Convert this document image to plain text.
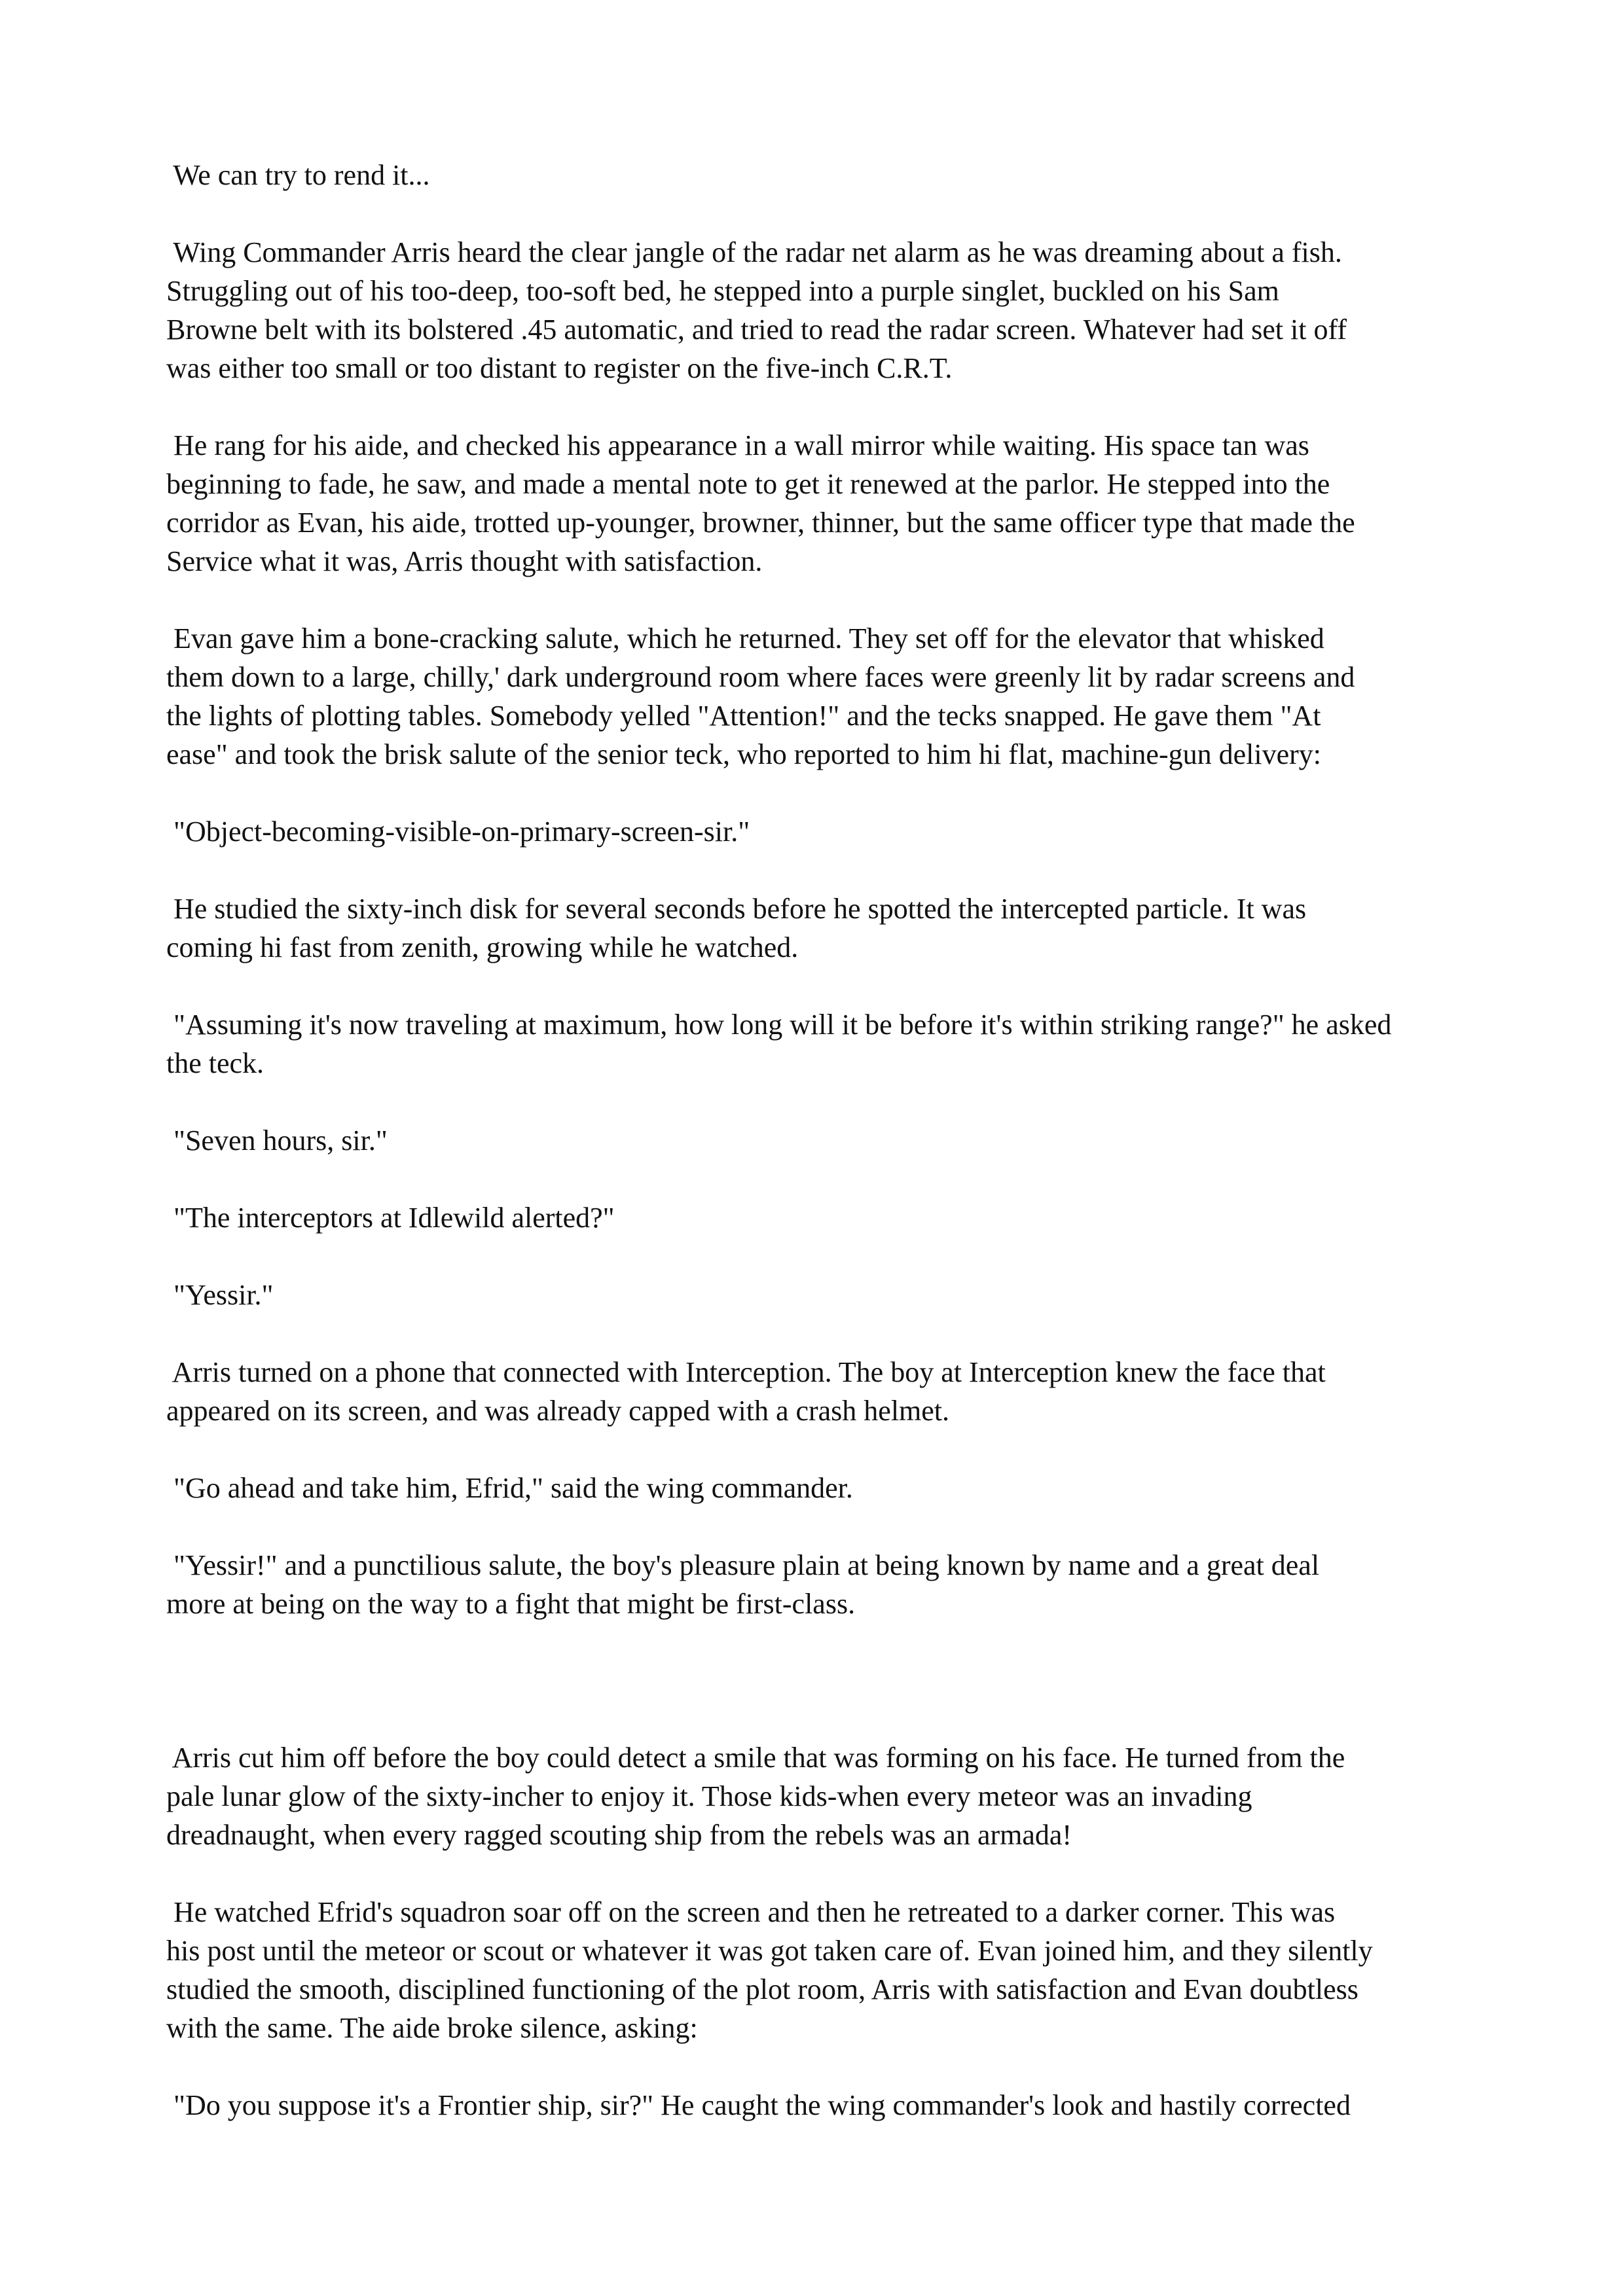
We can try to rend it...
Wing Commander Arris heard the clear jangle of the radar net alarm as he was dreaming about a fish.
Struggling out of his too-deep, too-soft bed, he stepped into a purple singlet, buckled on his Sam
Browne belt with its bolstered .45 automatic, and tried to read the radar screen. Whatever had set it off
was either too small or too distant to register on the five-inch C.R.T.
He rang for his aide, and checked his appearance in a wall mirror while waiting. His space tan was
beginning to fade, he saw, and made a mental note to get it renewed at the parlor. He stepped into the
corridor as Evan, his aide, trotted up-younger, browner, thinner, but the same officer type that made the
Service what it was, Arris thought with satisfaction.
Evan gave him a bone-cracking salute, which he returned. They set off for the elevator that whisked
them down to a large, chilly,' dark underground room where faces were greenly lit by radar screens and
the lights of plotting tables. Somebody yelled "Attention!" and the tecks snapped. He gave them "At
ease" and took the brisk salute of the senior teck, who reported to him hi flat, machine-gun delivery:
"Object-becoming-visible-on-primary-screen-sir."
He studied the sixty-inch disk for several seconds before he spotted the intercepted particle. It was
coming hi fast from zenith, growing while he watched.
"Assuming it's now traveling at maximum, how long will it be before it's within striking range?" he asked
the teck.
"Seven hours, sir."
"The interceptors at Idlewild alerted?"
"Yessir."
Arris turned on a phone that connected with Interception. The boy at Interception knew the face that
appeared on its screen, and was already capped with a crash helmet.
"Go ahead and take him, Efrid," said the wing commander.
"Yessir!" and a punctilious salute, the boy's pleasure plain at being known by name and a great deal
more at being on the way to a fight that might be first-class.
Arris cut him off before the boy could detect a smile that was forming on his face. He turned from the
pale lunar glow of the sixty-incher to enjoy it. Those kids-when every meteor was an invading
dreadnaught, when every ragged scouting ship from the rebels was an armada!
He watched Efrid's squadron soar off on the screen and then he retreated to a darker corner. This was
his post until the meteor or scout or whatever it was got taken care of. Evan joined him, and they silently
studied the smooth, disciplined functioning of the plot room, Arris with satisfaction and Evan doubtless
with the same. The aide broke silence, asking:
"Do you suppose it's a Frontier ship, sir?" He caught the wing commander's look and hastily corrected
